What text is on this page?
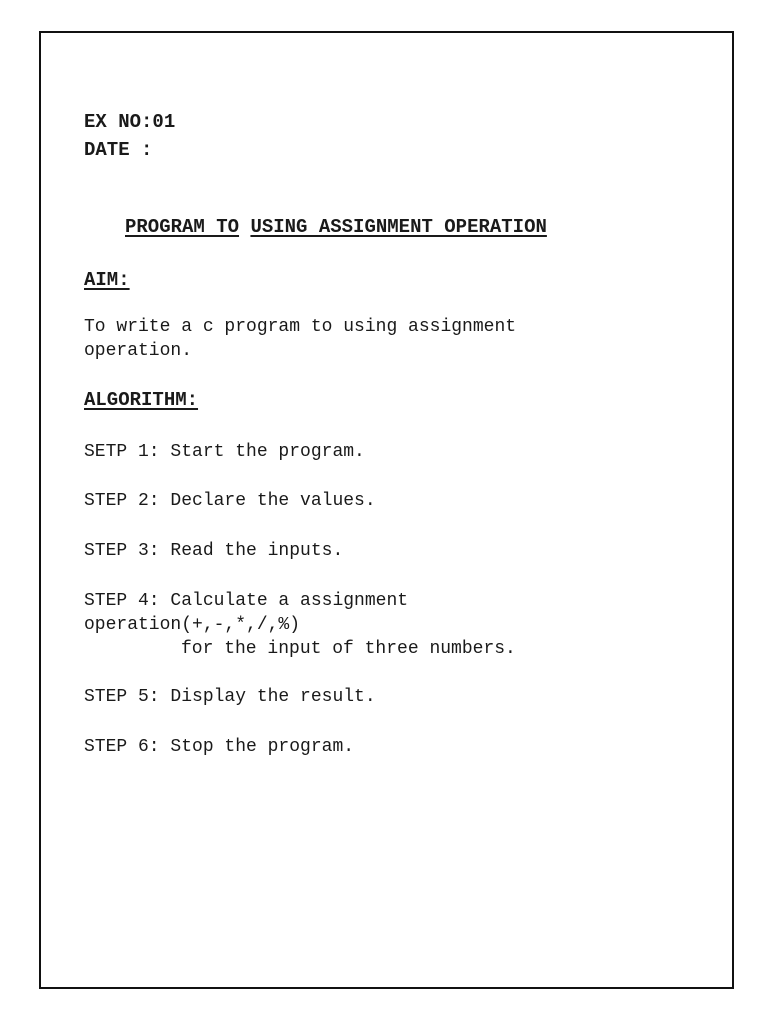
EX NO:01
DATE :
PROGRAM TO USING ASSIGNMENT OPERATION
AIM:
To write a c program to using assignment
operation.
ALGORITHM:
SETP 1: Start the program.
STEP 2: Declare the values.
STEP 3: Read the inputs.
STEP 4: Calculate a assignment
operation(+,-,*,/,%)
for the input of three numbers.
STEP 5: Display the result.
STEP 6: Stop the program.
